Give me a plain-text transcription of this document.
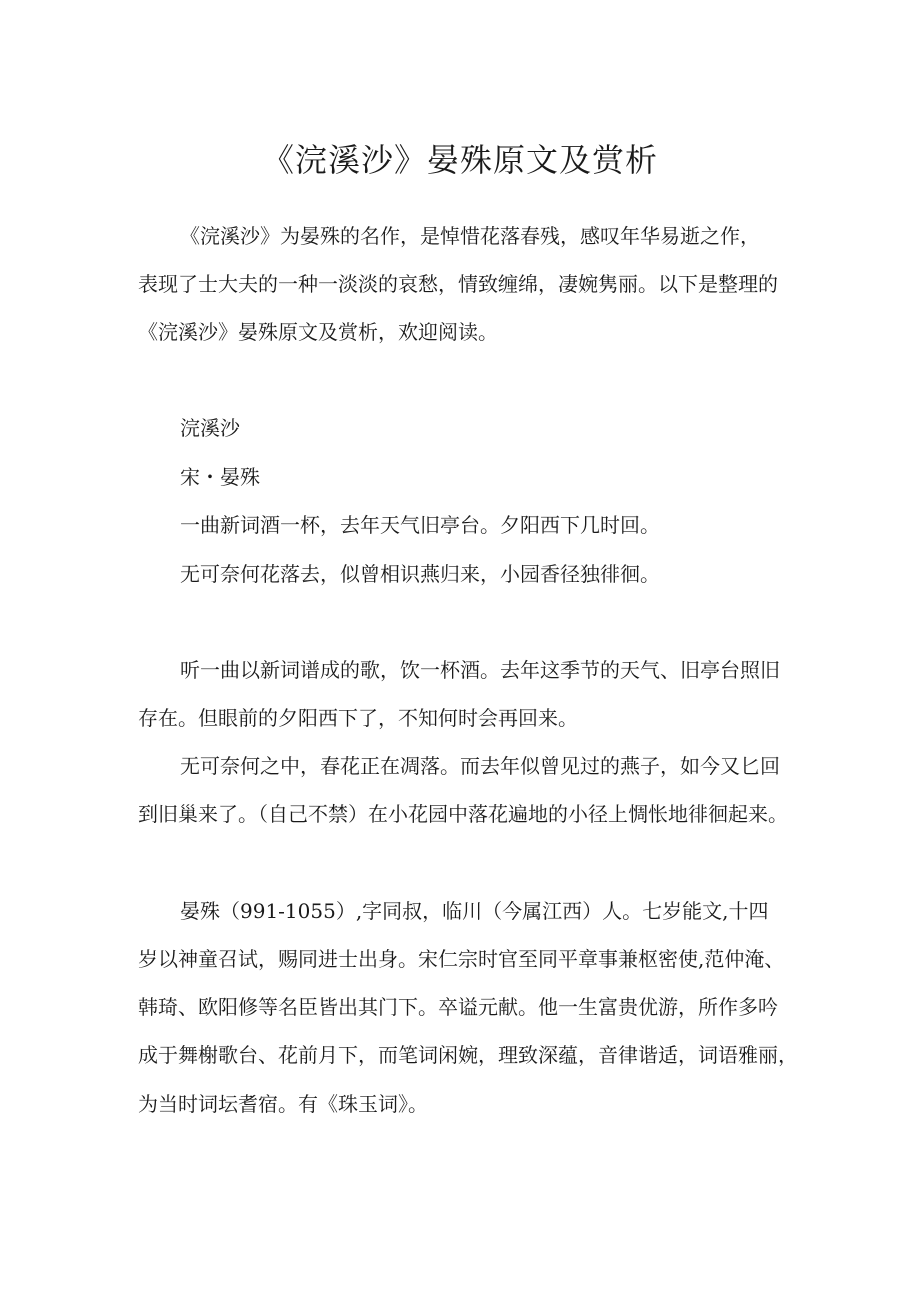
《浣溪沙》晏殊原文及赏析

《浣溪沙》为晏殊的名作，是悼惜花落春残，感叹年华易逝之作，

表现了士大夫的一种一淡淡的哀愁，情致缠绵，凄婉隽丽。以下是整理的

《浣溪沙》晏殊原文及赏析，欢迎阅读。

浣溪沙

宋・晏殊

一曲新词酒一杯，去年天气旧亭台。夕阳西下几时回。

无可奈何花落去，似曾相识燕归来，小园香径独徘徊。

听一曲以新词谱成的歌，饮一杯酒。去年这季节的天气、旧亭台照旧

存在。但眼前的夕阳西下了，不知何时会再回来。

无可奈何之中，春花正在凋落。而去年似曾见过的燕子，如今又匕回

到旧巢来了。（自己不禁）在小花园中落花遍地的小径上惆怅地徘徊起来。

晏殊（991-1055）,字同叔，临川（今属江西）人。七岁能文,十四

岁以神童召试，赐同进士出身。宋仁宗时官至同平章事兼枢密使,范仲淹、

韩琦、欧阳修等名臣皆出其门下。卒谥元献。他一生富贵优游，所作多吟

成于舞榭歌台、花前月下，而笔词闲婉，理致深蕴，音律谐适，词语雅丽，

为当时词坛耆宿。有《珠玉词》。
